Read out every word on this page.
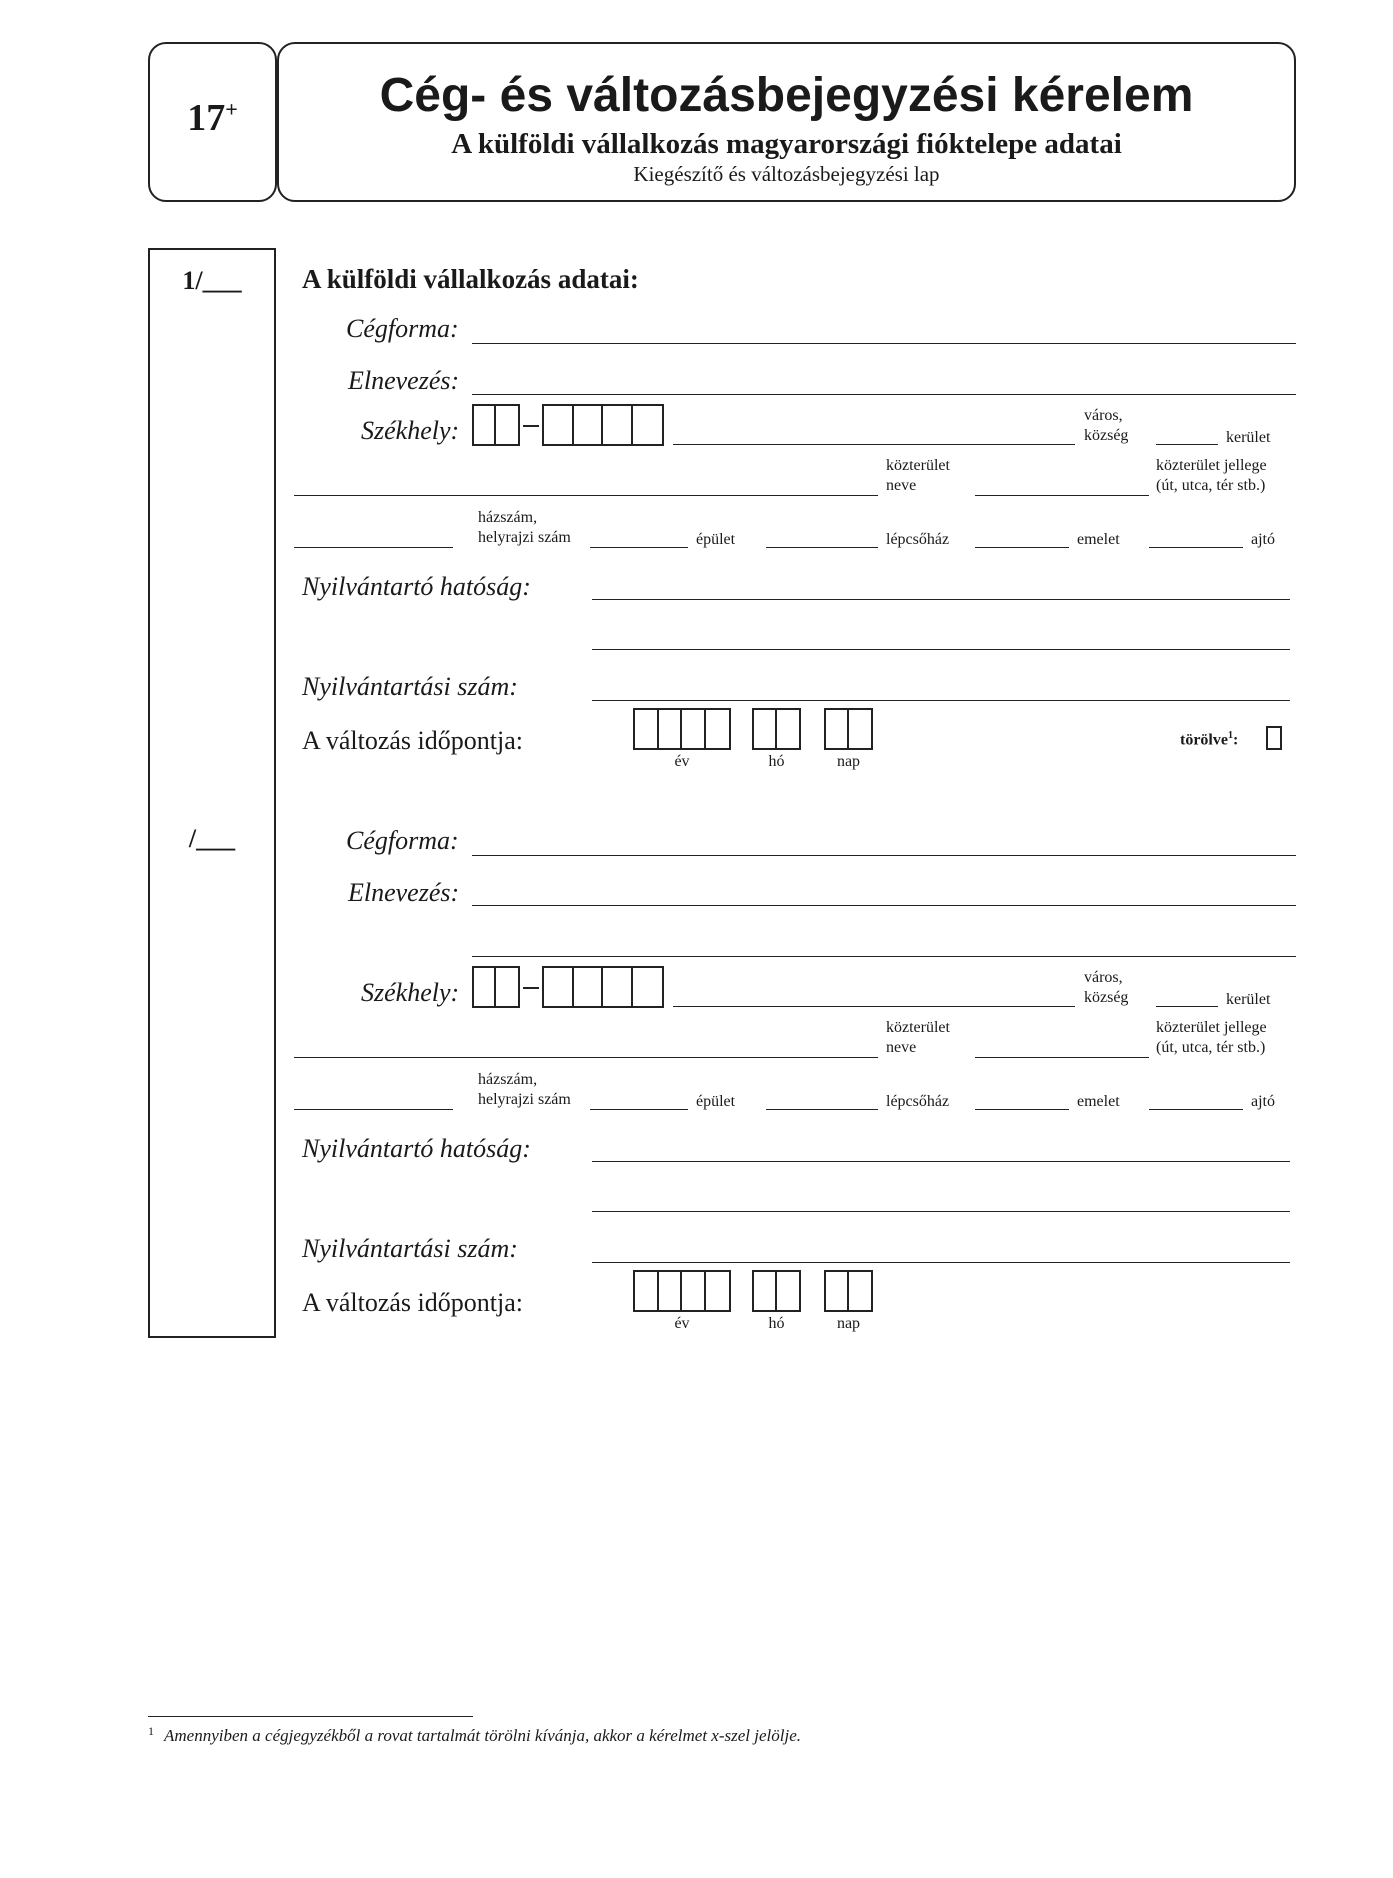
17+	Cég- és változásbejegyzési kérelem
A külföldi vállalkozás magyarországi fióktelepe adatai
Kiegészítő és változásbejegyzési lap
1/___
/___
A külföldi vállalkozás adatai:
Cégforma:
Elnevezés:
Székhely:
város,
község	kerület
közterület
neve
közterület jellege
(út, utca, tér stb.)
házszám,
helyrajzi szám	épület	lépcsőház	emelet	ajtó
Nyilvántartó hatóság:
Nyilvántartási szám:
A változás időpontja:
év	hó	nap
törölve$^1$:
Cégforma:
Elnevezés:
Székhely:
város,
község	kerület
közterület
neve
közterület jellege
(út, utca, tér stb.)
házszám,
helyrajzi szám	épület	lépcsőház	emelet	ajtó
Nyilvántartó hatóság:
Nyilvántartási szám:
A változás időpontja:
év	hó	nap
$^1$ Amennyiben a cégjegyzékből a rovat tartalmát törölni kívánja, akkor a kérelmet x-szel jelölje.
